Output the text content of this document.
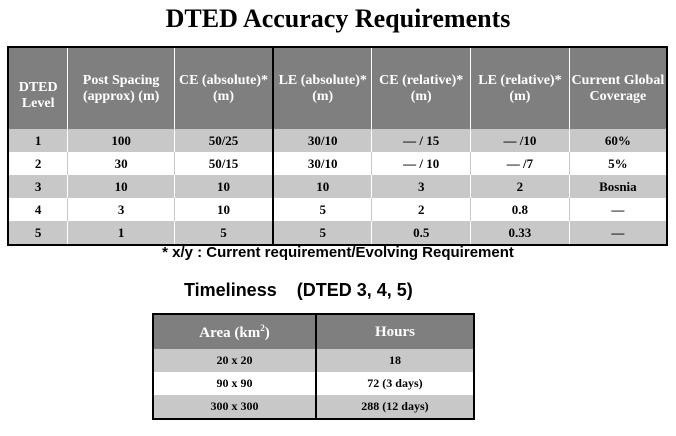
DTED Accuracy Requirements
DTED Level	Post Spacing (approx) (m)	CE (absolute)* (m)	LE (absolute)* (m)	CE (relative)* (m)	LE (relative)* (m)	Current Global Coverage
1	100	50/25	30/10	— / 15	— /10	60%
2	30	50/15	30/10	— / 10	— /7	5%
3	10	10	10	3	2	Bosnia
4	3	10	5	2	0.8	—
5	1	5	5	0.5	0.33	—
* x/y : Current requirement/Evolving Requirement
Timeliness    (DTED 3, 4, 5)
Area $(km^2)$	Hours
20 x 20	18
90 x 90	72 (3 days)
300 x 300	288 (12 days)
